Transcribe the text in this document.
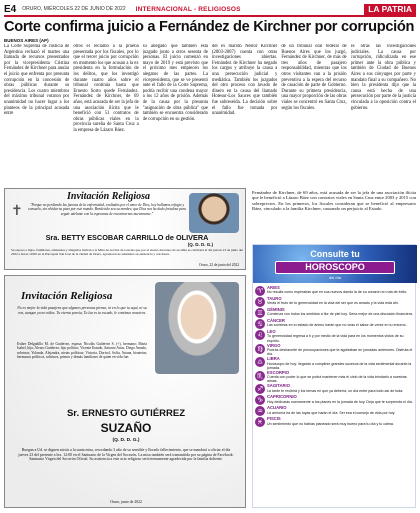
E4 ORURO, MIÉRCOLES 22 DE JUNIO DE 2022 INTERNACIONAL - RELIGIOSOS	LA PATRIA
Corte confirma juicio a Fernández de Kirchner por corrupción
BUENOS AIRES (AP)
La Corte Suprema de Justicia de Argentina rechazó el martes una llamada de recursos presentados por la vicepresidenta Cristina Fernández de Kirchner para anular el juicio que enfrenta por presunta corrupción en la concesión de obras públicas durante su presidencia. Los cuatro miembros del máximo tribunal votaron por unanimidad no hacer lugar a los planteos de la principal acusada entre
otros el reclamo a la prueba presentada por los fiscales, por lo que el tercer juicio por corrupción en momento los que acusan a la ex presidenta en la formulación de los delitos, que los investigó durante cuatro años sobre el tribunal continúa hasta que Ernesto Sorto quede Fernández. Fernández de Kirchner, de 69 años, está acusada de ser la jefa de una asociación ilícita que le benefició con 51 contratos de obras públicas viales en la provincia sureña de Santa Cruz a la empresa de Lázaro Báez.
su allegado que también está juzgado junto a otros sesenta de personas. El juicio comenzó en mayo de 2019 y está previsto que el próximo mes empiecen los alegatos de las partes. La vicepresidenta, que se ve presentó ante el fallo de la Corte Suprema, podría recibir una condena mayor a los 12 años de prisión. Además de la causa por la presunta "asignación de obra pública" que también se encuentra considerado de corrupción en su gestión.
del ex marido Néstor Kirchner (2003-2007) cuenta con otras investigaciones abiertas. Fernández de Kirchner ha negado los cargos y atribuye la causa a una persecución judicial y mediática. También los juzgados del otro proceso con lavado de dinero en la causa del llamado Hotesur-Los Sauces que también fue sobreseída. La decisión sobre el fallo fue tomada por unanimidad.
de un tribunal oral federal de Buenos Aires que los juzgó, Fernández de Kirchner, de más de tres años de pasajero responsabilidad, mientras que los otros visitantes van a la prisión preventiva a la espera del recurso de casación de parte de Gobierno. Durante su primera presidencia, una mayor proporción de las obras viales se concentró en Santa Cruz, según los fiscales.
es otras las investigaciones judiciales. La causa por corrupción, ridiculizada en ese primer ante la obra pública y también de Ciudad de Buenos Aires a sus cónyuges por parte y mandato final a su compañero. No bien la presidenta dijo que la causa está hecha de una persecución por parte de la justicia vinculada a la oposición contra el gobierno.
✝
Invitación Religiosa
"Porque no perdiendo las fuerzas de la enfermedad, exaltados por el amor de Dios, hoy hallamos refugio y consuelo, sin olvidar su paso por este mundo. Bendecido sea su nombre, que Dios nos ha dado fortaleza para seguir adelante con la esperanza de encontrarnos nuevamente."
Sra. BETTY ESCOBAR CARRILLO de OLIVERA
(Q. D. D. G.)
Su esposo e hijos, familiares, amistades y allegados invitan a la Misa de Acción de Gracias que por el eterno descanso de su alma se celebrará el día jueves 23 de junio del 2022 a horas 19:00 en la Parroquia San José de la ciudad de Oruro, agradecen de antemano su asistencia y oraciones.
Oruro, 22 de junio del 2022
Invitación Religiosa
No es mejor la vida pasajera que algunos personas pienso, ni en lo que tu aquí, ni su voz, aunque ya no oídos. Tu eterna poesía, Tu luz es tu escudo, le continuo nosotros.
Esther Delgadillo M. de Gutiérrez, esposa; Nicolás Gutiérrez S. (+), hermano; María Isabel, hija; Alvaro Gutiérrez, hijo político; Vicente Eraudo, Antonio Arias, Diego Amado, sobrinos; Yolanda, Alejandra, nietas políticas; Victoria, Dorisol, Sofía, Ariana, bisnietas; hermanos políticos, sobrinos, primos y demás familiares de quien en vida fue:
Sr. ERNESTO GUTIÉRREZ
SUZAÑO
(Q. D. D. G.)
Ruegan a Ud. se dignen asistir a la santa misa, recordando 3 año de su sensible y llorado fallecimiento, que se mandará a oficiar el día jueves 23 del presente a hrs. 12:00 en el Santuario de la Virgen del Socavón. La misa también será transmitida por su página de Facebook: Santuario Virgen del Socavón Oficial. Su asistencia a este acto religioso será eternamente agradecida por la familia doliente.
Oruro, junio de 2022
Fernández de Kirchner, de 69 años, está acusada de ser la jefa de una asociación ilícita que le benefició a Lázaro Báez con contratos viales en Santa Cruz entre 2003 y 2015 con sobreprecios. En los primeros, los fiscales consideran que se benefició al empresario Báez, vinculado a la familia Kirchner, causando un perjuicio al Estado.
Consulte tu
HOROSCOPO
del día
♈ ARIES
No resulta como esperabas que en sus nuevos dando la de su corazón en ruta de éxito.
♉ TAURO
Verás el fruto de tu generosidad en la vida del ser que es amado y la vida está ahí.
♊ GÉMINIS
Comienza con todos los sentidos a flor de piel hoy. Sería mejor de una discusión financiera.
♋ CÁNCER
Las sombras en tu estado de ánimo harán que no veas el sabor de verse en tu entorno.
♌ LEO
Tu generosidad regresa a ti y por medio de la vida para en los momentos vistos de su espíritu.
♍ VIRGO
Podrás deshacerte de preocupaciones que te agobiaban en jornadas anteriores. Disfruta el día.
♎ LIBRA
Horóscopo de hoy: llegarán a cumplirse grandes sucesos de la vida sentimental durante la jornada.
♏ ESCORPIO
Cuenta con poder lo que se podrá mantener más el cielo de la vida brindarlo a nuestras almas.
♐ SAGITARIO
La tarde te recibirá y los temas en que ya debería, un día entre para todo así de toda.
♑ CAPRICORNIO
Hoy dedicarás nuevamente a tus planes en la jornada de hoy. Deja que te sorprenda el día.
♒ ACUARIO
La armonía ha de las tuyas que harán el día. Ser esa el consejo de vida por hoy.
♓ PISCIS
Un sentimiento que no habías planeado será muy bueno para tu día y tu calma.
